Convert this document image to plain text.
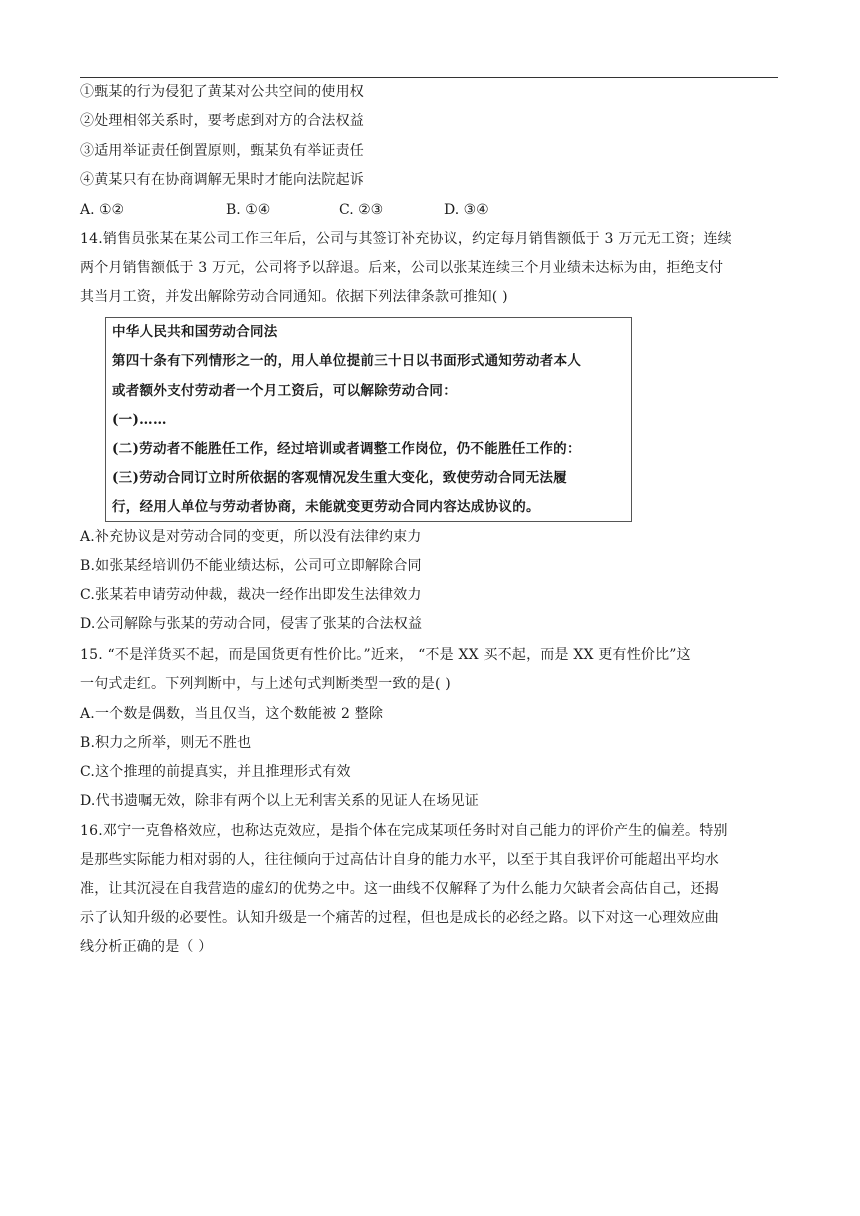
①甄某的行为侵犯了黄某对公共空间的使用权
②处理相邻关系时，要考虑到对方的合法权益
③适用举证责任倒置原则，甄某负有举证责任
④黄某只有在协商调解无果时才能向法院起诉
A. ①②	B. ①④	C. ②③	D. ③④
14.销售员张某在某公司工作三年后，公司与其签订补充协议，约定每月销售额低于 3 万元无工资；连续
两个月销售额低于 3 万元，公司将予以辞退。后来，公司以张某连续三个月业绩未达标为由，拒绝支付
其当月工资，并发出解除劳动合同通知。依据下列法律条款可推知( )
中华人民共和国劳动合同法
第四十条有下列情形之一的，用人单位提前三十日以书面形式通知劳动者本人
或者额外支付劳动者一个月工资后，可以解除劳动合同：
(一)……
(二)劳动者不能胜任工作，经过培训或者调整工作岗位，仍不能胜任工作的：
(三)劳动合同订立时所依据的客观情况发生重大变化，致使劳动合同无法履
行，经用人单位与劳动者协商，未能就变更劳动合同内容达成协议的。
A.补充协议是对劳动合同的变更，所以没有法律约束力
B.如张某经培训仍不能业绩达标，公司可立即解除合同
C.张某若申请劳动仲裁，裁决一经作出即发生法律效力
D.公司解除与张某的劳动合同，侵害了张某的合法权益
15. “不是洋货买不起，而是国货更有性价比。”近来， “不是 XX 买不起，而是 XX 更有性价比”这
一句式走红。下列判断中，与上述句式判断类型一致的是( )
A.一个数是偶数，当且仅当，这个数能被 2 整除
B.积力之所举，则无不胜也
C.这个推理的前提真实，并且推理形式有效
D.代书遗嘱无效，除非有两个以上无利害关系的见证人在场见证
16.邓宁一克鲁格效应，也称达克效应，是指个体在完成某项任务时对自己能力的评价产生的偏差。特别
是那些实际能力相对弱的人，往往倾向于过高估计自身的能力水平，以至于其自我评价可能超出平均水
准，让其沉浸在自我营造的虚幻的优势之中。这一曲线不仅解释了为什么能力欠缺者会高估自己，还揭
示了认知升级的必要性。认知升级是一个痛苦的过程，但也是成长的必经之路。以下对这一心理效应曲
线分析正确的是（ ）
